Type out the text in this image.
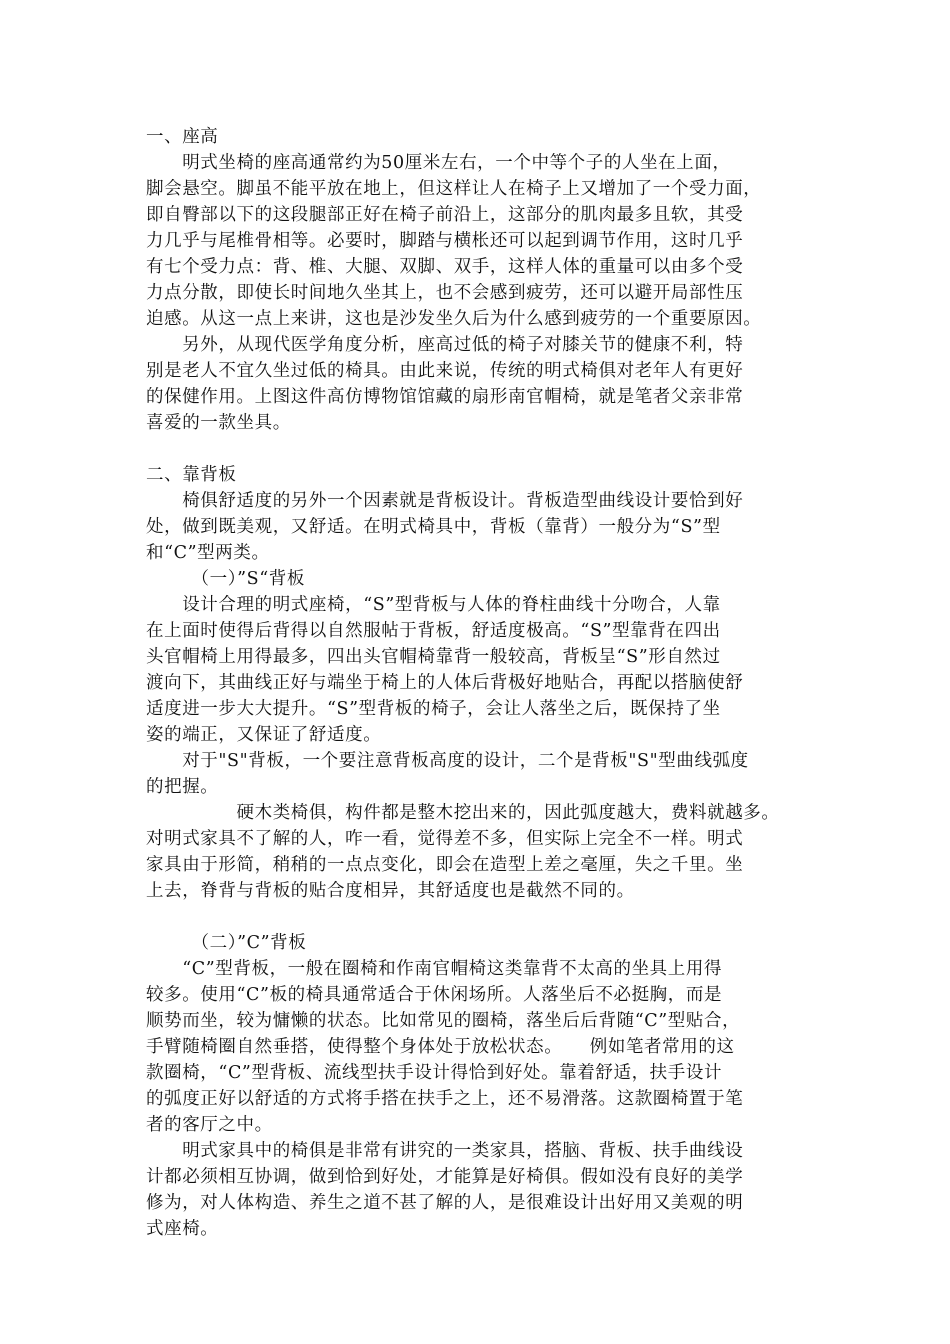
一、座高
　　明式坐椅的座高通常约为50厘米左右，一个中等个子的人坐在上面，
脚会悬空。脚虽不能平放在地上，但这样让人在椅子上又增加了一个受力面，
即自臀部以下的这段腿部正好在椅子前沿上，这部分的肌肉最多且软，其受
力几乎与尾椎骨相等。必要时，脚踏与横枨还可以起到调节作用，这时几乎
有七个受力点：背、椎、大腿、双脚、双手，这样人体的重量可以由多个受
力点分散，即使长时间地久坐其上，也不会感到疲劳，还可以避开局部性压
迫感。从这一点上来讲，这也是沙发坐久后为什么感到疲劳的一个重要原因。
　　另外，从现代医学角度分析，座高过低的椅子对膝关节的健康不利，特
别是老人不宜久坐过低的椅具。由此来说，传统的明式椅俱对老年人有更好
的保健作用。上图这件高仿博物馆馆藏的扇形南官帽椅，就是笔者父亲非常
喜爱的一款坐具。
二、靠背板
　　椅俱舒适度的另外一个因素就是背板设计。背板造型曲线设计要恰到好
处，做到既美观，又舒适。在明式椅具中，背板（靠背）一般分为“S”型
和“C”型两类。
　　　（一）”S“背板
　　设计合理的明式座椅，“S”型背板与人体的脊柱曲线十分吻合，人靠
在上面时使得后背得以自然服帖于背板，舒适度极高。“S”型靠背在四出
头官帽椅上用得最多，四出头官帽椅靠背一般较高，背板呈“S”形自然过
渡向下，其曲线正好与端坐于椅上的人体后背极好地贴合，再配以搭脑使舒
适度进一步大大提升。“S”型背板的椅子，会让人落坐之后，既保持了坐
姿的端正，又保证了舒适度。
　　对于"S"背板，一个要注意背板高度的设计，二个是背板"S"型曲线弧度
的把握。
　　　　　硬木类椅俱，构件都是整木挖出来的，因此弧度越大，费料就越多。
对明式家具不了解的人，咋一看，觉得差不多，但实际上完全不一样。明式
家具由于形简，稍稍的一点点变化，即会在造型上差之毫厘，失之千里。坐
上去，脊背与背板的贴合度相异，其舒适度也是截然不同的。
　　　（二）”C”背板
　　“C”型背板，一般在圈椅和作南官帽椅这类靠背不太高的坐具上用得
较多。使用“C”板的椅具通常适合于休闲场所。人落坐后不必挺胸，而是
顺势而坐，较为慵懒的状态。比如常见的圈椅，落坐后后背随“C”型贴合，
手臂随椅圈自然垂搭，使得整个身体处于放松状态。　　例如笔者常用的这
款圈椅，“C”型背板、流线型扶手设计得恰到好处。靠着舒适，扶手设计
的弧度正好以舒适的方式将手搭在扶手之上，还不易滑落。这款圈椅置于笔
者的客厅之中。
　　明式家具中的椅俱是非常有讲究的一类家具，搭脑、背板、扶手曲线设
计都必须相互协调，做到恰到好处，才能算是好椅俱。假如没有良好的美学
修为，对人体构造、养生之道不甚了解的人，是很难设计出好用又美观的明
式座椅。
